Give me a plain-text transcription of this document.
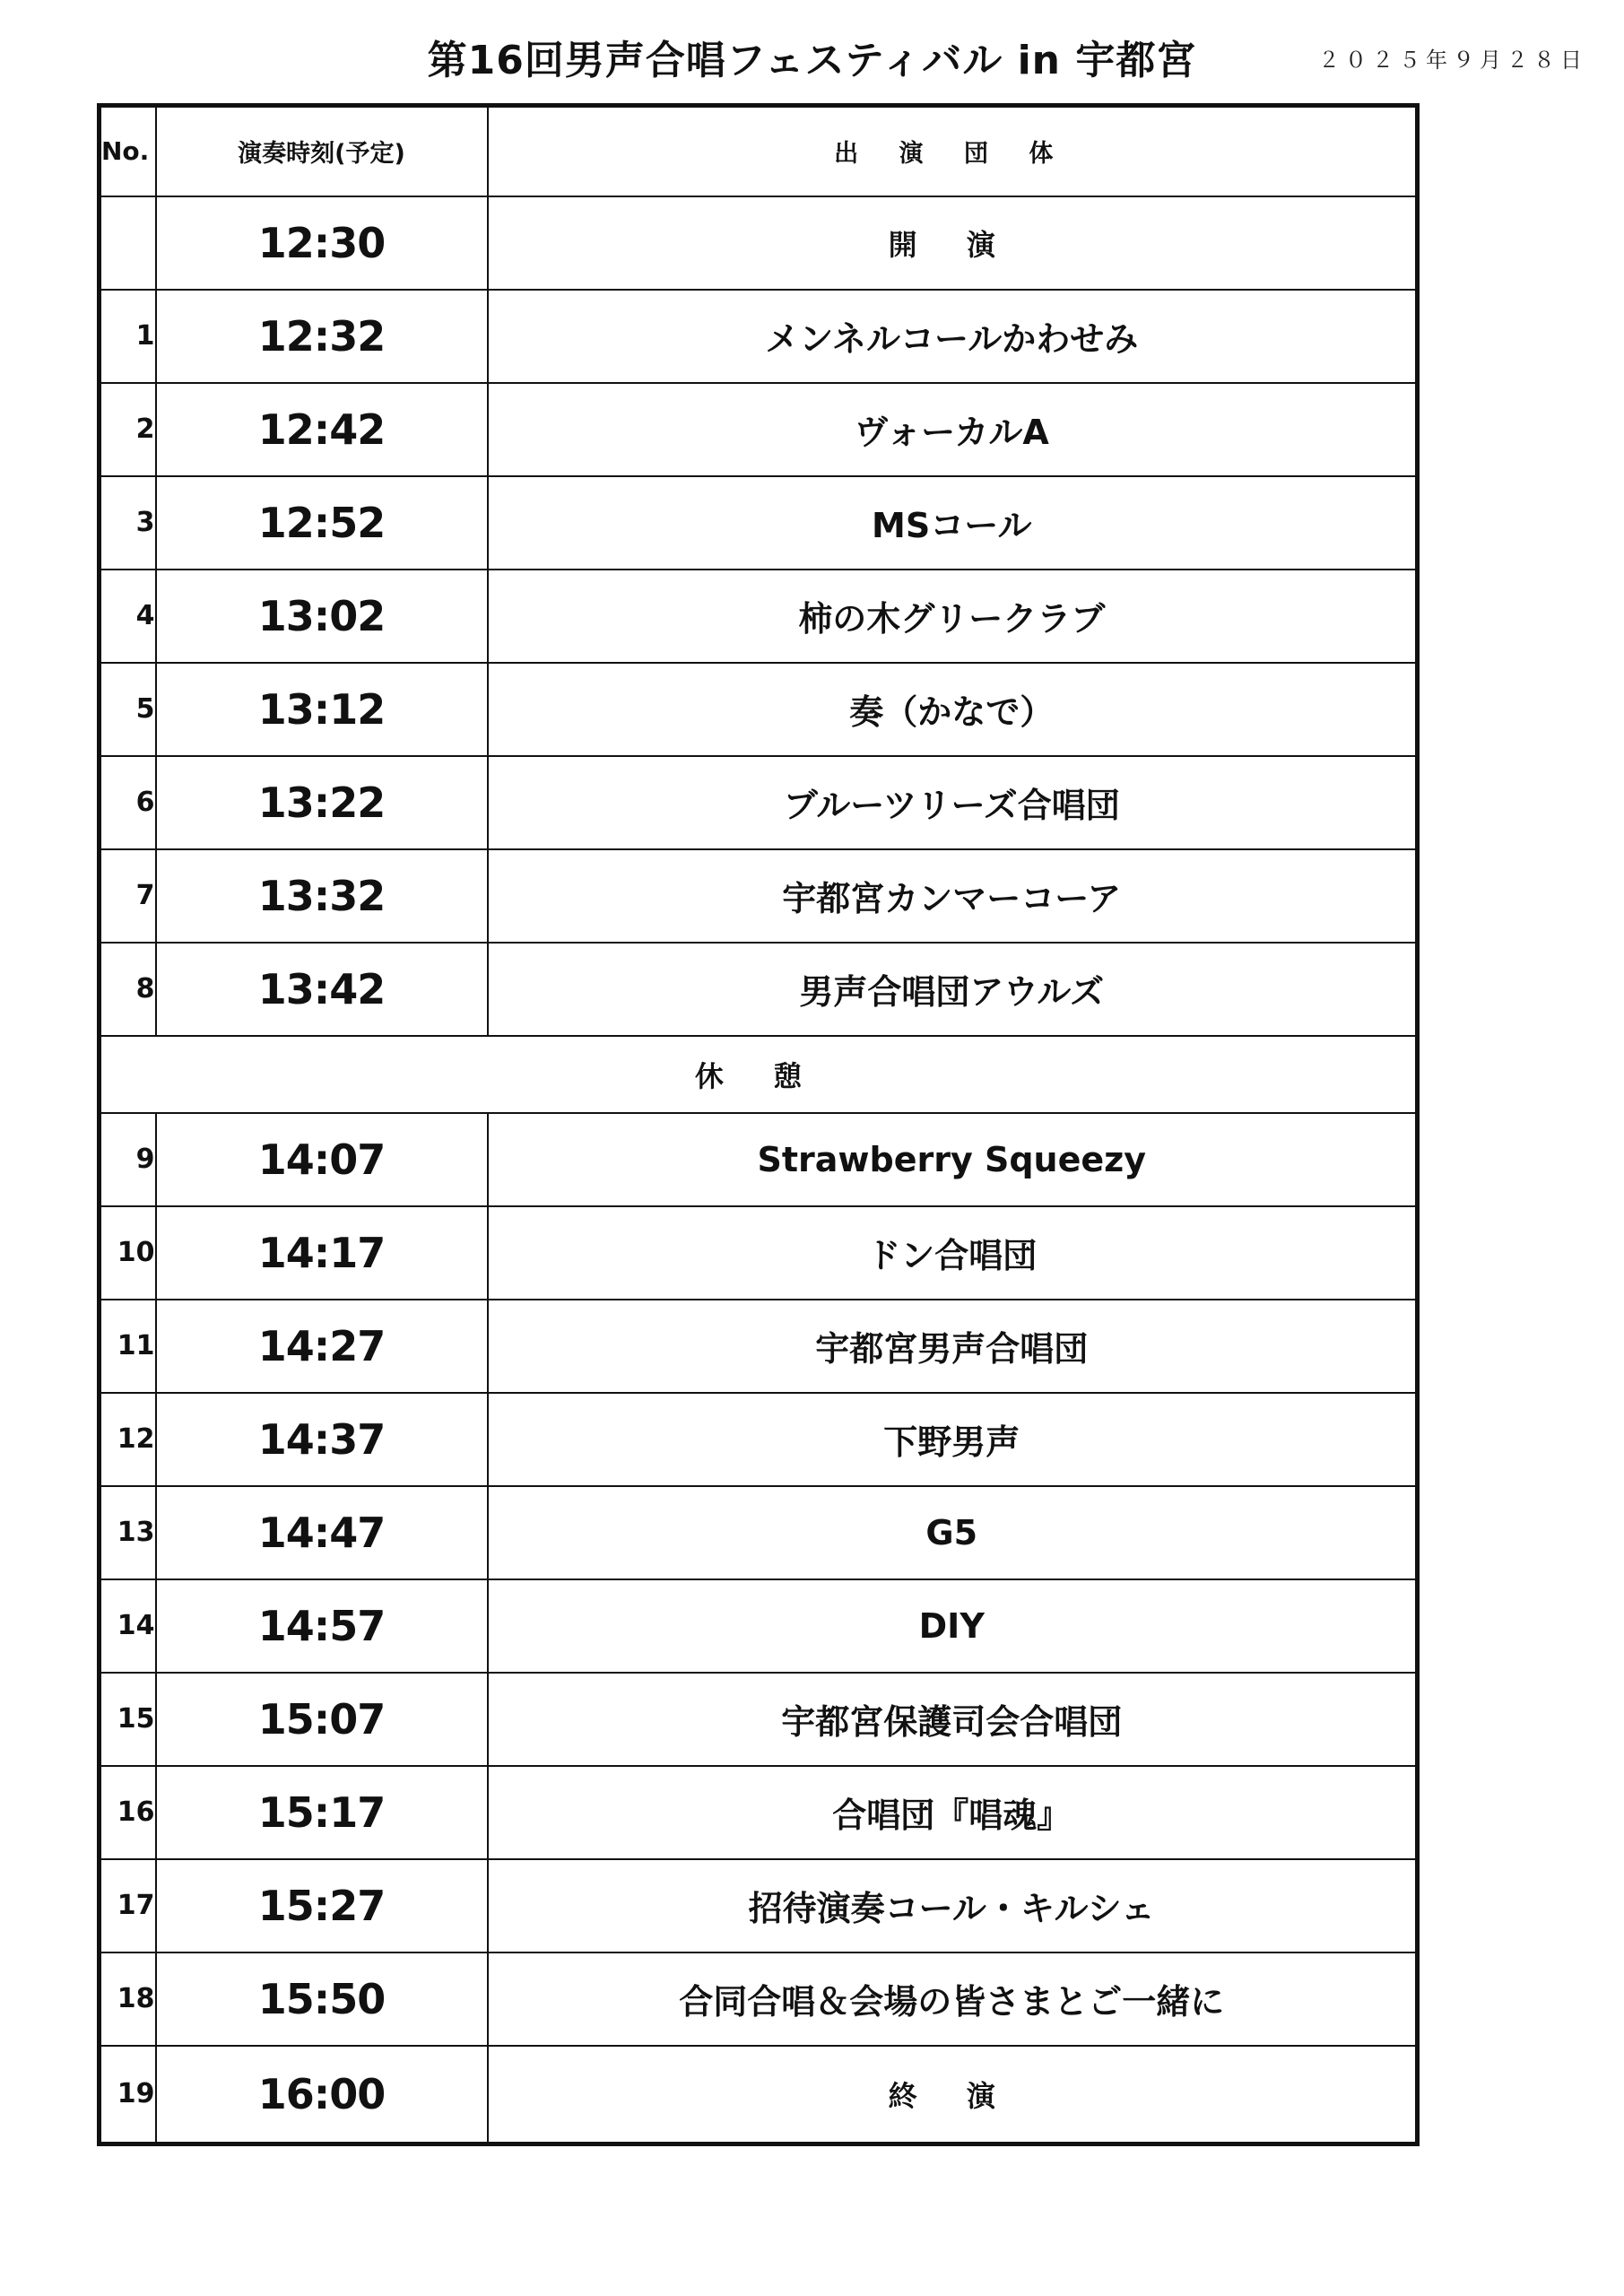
第16回男声合唱フェスティバル in 宇都宮	２０２５年９月２８日
No.	演奏時刻(予定)	出 演 団 体
	12:30	開 演
1	12:32	メンネルコールかわせみ
2	12:42	ヴォーカルA
3	12:52	MSコール
4	13:02	柿の木グリークラブ
5	13:12	奏（かなで）
6	13:22	ブルーツリーズ合唱団
7	13:32	宇都宮カンマーコーア
8	13:42	男声合唱団アウルズ
休 憩		
9	14:07	Strawberry Squeezy
10	14:17	ドン合唱団
11	14:27	宇都宮男声合唱団
12	14:37	下野男声
13	14:47	G5
14	14:57	DIY
15	15:07	宇都宮保護司会合唱団
16	15:17	合唱団『唱魂』
17	15:27	招待演奏コール・キルシェ
18	15:50	合同合唱＆会場の皆さまとご一緒に
19	16:00	終 演
